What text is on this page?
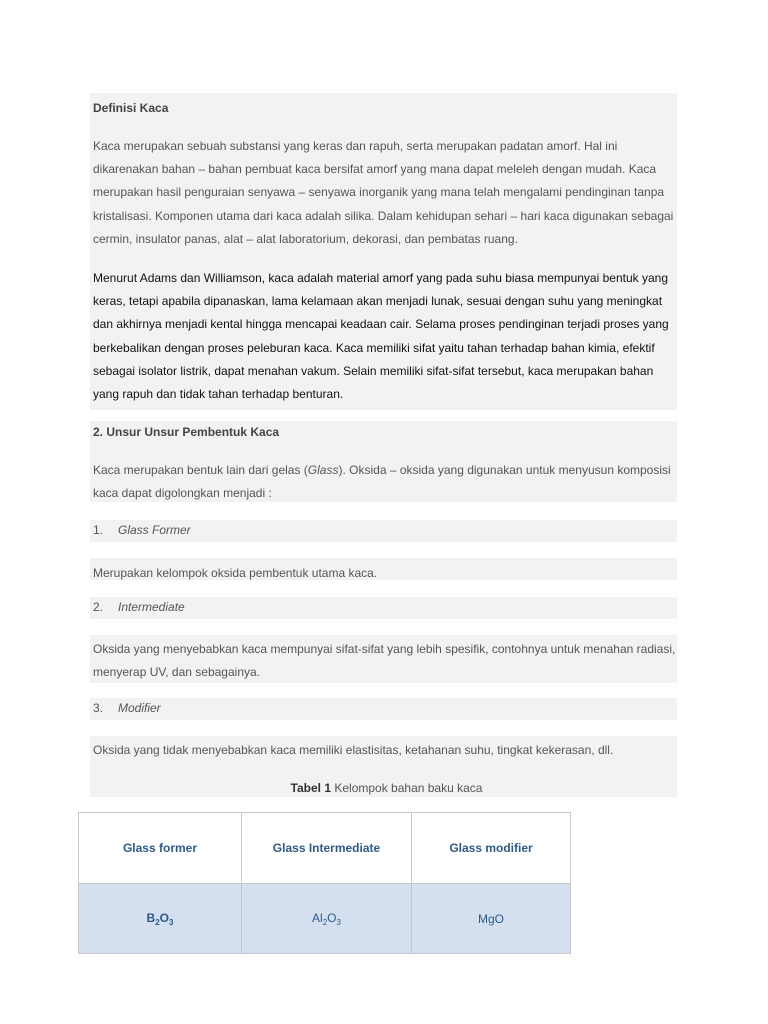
Definisi Kaca
Kaca merupakan sebuah substansi yang keras dan rapuh, serta merupakan padatan amorf. Hal ini dikarenakan bahan – bahan pembuat kaca bersifat amorf yang mana dapat meleleh dengan mudah. Kaca merupakan hasil penguraian senyawa – senyawa inorganik yang mana telah mengalami pendinginan tanpa kristalisasi. Komponen utama dari kaca adalah silika. Dalam kehidupan sehari – hari kaca digunakan sebagai cermin, insulator panas, alat – alat laboratorium, dekorasi, dan pembatas ruang.
Menurut Adams dan Williamson, kaca adalah material amorf yang pada suhu biasa mempunyai bentuk yang keras, tetapi apabila dipanaskan, lama kelamaan akan menjadi lunak, sesuai dengan suhu yang meningkat dan akhirnya menjadi kental hingga mencapai keadaan cair. Selama proses pendinginan terjadi proses yang berkebalikan dengan proses peleburan kaca. Kaca memiliki sifat yaitu tahan terhadap bahan kimia, efektif sebagai isolator listrik, dapat menahan vakum. Selain memiliki sifat-sifat tersebut, kaca merupakan bahan yang rapuh dan tidak tahan terhadap benturan.
2. Unsur Unsur Pembentuk Kaca
Kaca merupakan bentuk lain dari gelas (Glass). Oksida – oksida yang digunakan untuk menyusun komposisi kaca dapat digolongkan menjadi :
1.	Glass Former
Merupakan kelompok oksida pembentuk utama kaca.
2.	Intermediate
Oksida yang menyebabkan kaca mempunyai sifat-sifat yang lebih spesifik, contohnya untuk menahan radiasi, menyerap UV, dan sebagainya.
3.	Modifier
Oksida yang tidak menyebabkan kaca memiliki elastisitas, ketahanan suhu, tingkat kekerasan, dll.
Tabel 1 Kelompok bahan baku kaca
Glass former	Glass Intermediate	Glass modifier
$B_2O_3$	$Al_2O_3$	MgO
